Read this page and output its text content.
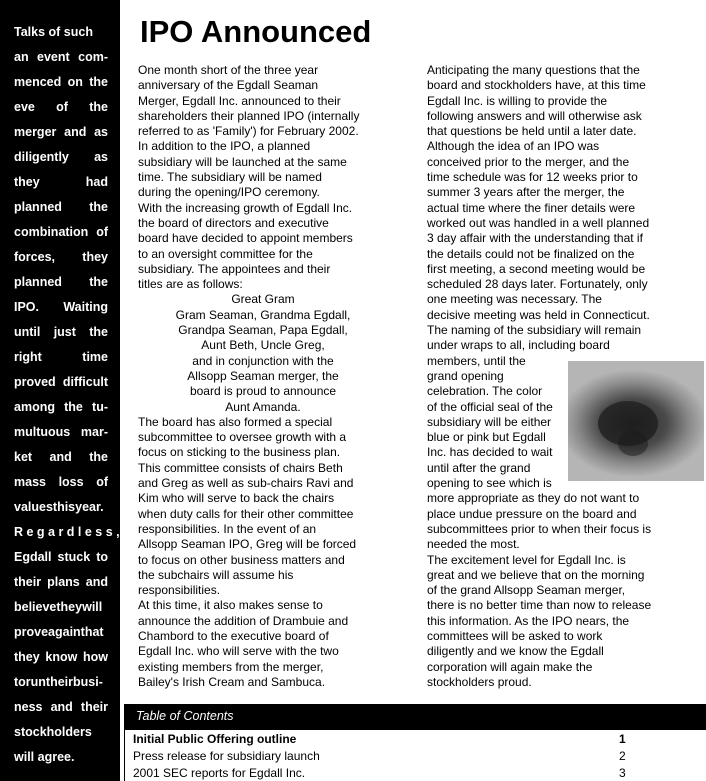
Talks of such
an event com-
menced on the
eve of the
merger and as
diligently as
they	had
planned the
combination of
forces, they
planned the
IPO. Waiting
until just the
right	time
proved difficult
among the tu-
multuous mar-
ket and the
mass loss of
valuesthisyear.
R e g a r d l e s s ,
Egdall stuck to
their plans and
believetheywill
proveagainthat
they know how
toruntheirbusi-
ness and their
stockholders
will agree.
IPO Announced

One month short of the three year

anniversary of the Egdall Seaman

Merger, Egdall Inc. announced to their

shareholders their planned IPO (internally

referred to as 'Family') for February 2002.

In addition to the IPO, a planned

subsidiary will be launched at the same

time. The subsidiary will be named

during the opening/IPO ceremony.

With the increasing growth of Egdall Inc.

the board of directors and executive

board have decided to appoint members

to an oversight committee for the

subsidiary. The appointees and their

titles are as follows:

Great Gram

Gram Seaman, Grandma Egdall,

Grandpa Seaman, Papa Egdall,

Aunt Beth, Uncle Greg,

and in conjunction with the

Allsopp Seaman merger, the

board is proud to announce

Aunt Amanda.

The board has also formed a special

subcommittee to oversee growth with a

focus on sticking to the business plan.

This committee consists of chairs Beth

and Greg as well as sub-chairs Ravi and

Kim who will serve to back the chairs

when duty calls for their other committee

responsibilities. In the event of an

Allsopp Seaman IPO, Greg will be forced

to focus on other business matters and

the subchairs will assume his

responsibilities.

At this time, it also makes sense to

announce the addition of Drambuie and

Chambord to the executive board of

Egdall Inc. who will serve with the two

existing members from the merger,

Bailey's Irish Cream and Sambuca.

Anticipating the many questions that the

board and stockholders have, at this time

Egdall Inc. is willing to provide the

following answers and will otherwise ask

that questions be held until a later date.

Although the idea of an IPO was

conceived prior to the merger, and the

time schedule was for 12 weeks prior to

summer 3 years after the merger, the

actual time where the finer details were

worked out was handled in a well planned

3 day affair with the understanding that if

the details could not be finalized on the

first meeting, a second meeting would be

scheduled 28 days later. Fortunately, only

one meeting was necessary. The

decisive meeting was held in Connecticut.

The naming of the subsidiary will remain

under wraps to all, including board

members, until the

grand opening

celebration. The color

of the official seal of the

subsidiary will be either

blue or pink but Egdall

Inc. has decided to wait

until after the grand

opening to see which is

more appropriate as they do not want to

place undue pressure on the board and

subcommittees prior to when their focus is

needed the most.

The excitement level for Egdall Inc. is

great and we believe that on the morning

of the grand Allsopp Seaman merger,

there is no better time than now to release

this information. As the IPO nears, the

committees will be asked to work

diligently and we know the Egdall

corporation will again make the

stockholders proud.

Table of Contents
Initial Public Offering outline	1
Press release for subsidiary launch	2
2001 SEC reports for Egdall Inc.	3
